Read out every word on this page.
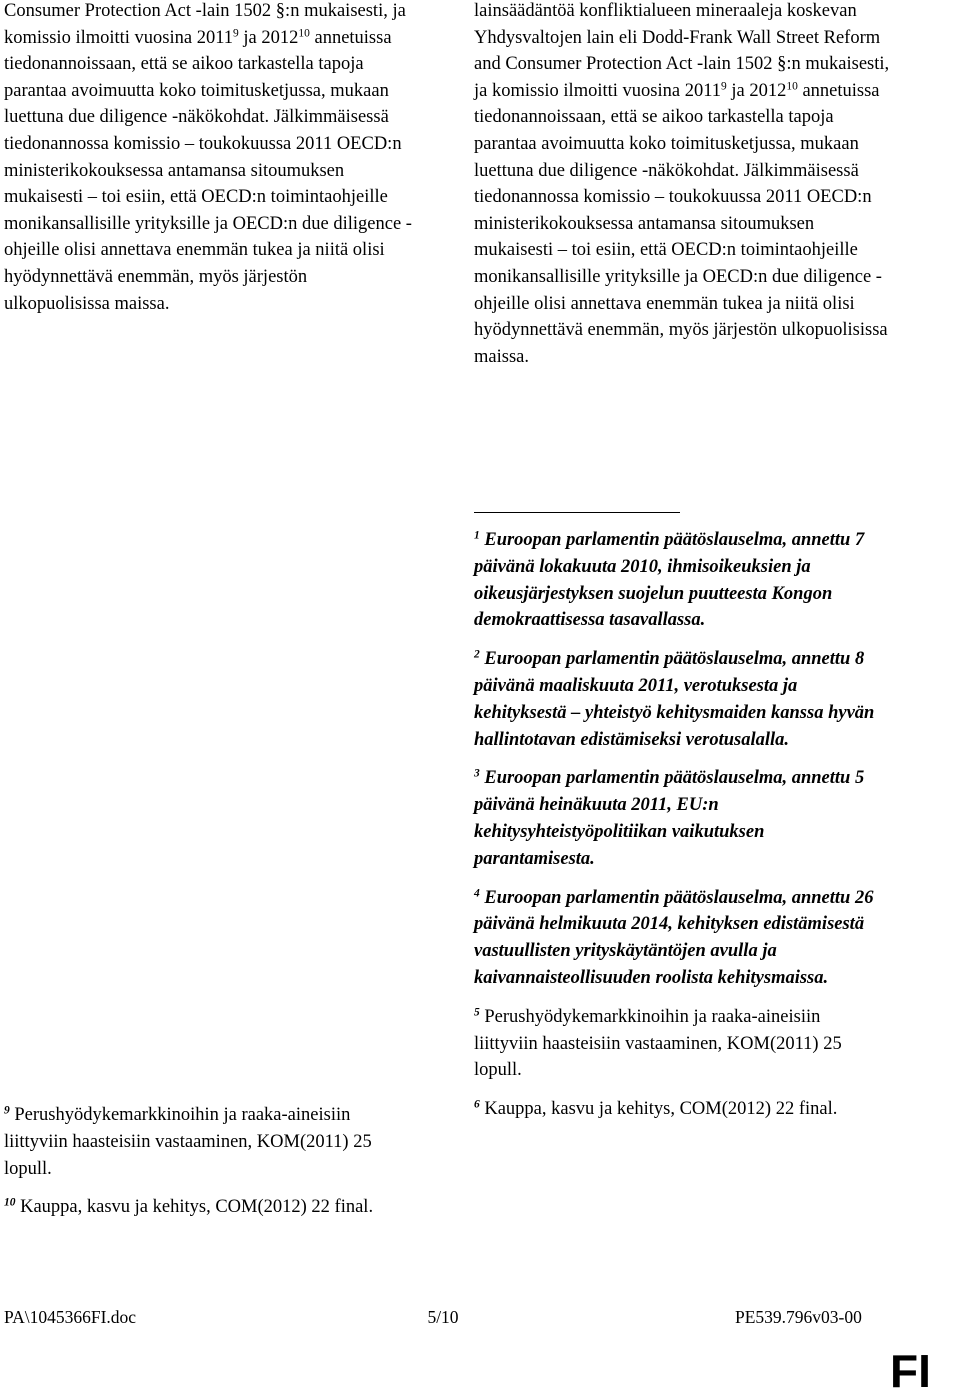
Consumer Protection Act -lain 1502 §:n mukaisesti, ja komissio ilmoitti vuosina 2011$^9$ ja 2012$^{10}$ annetuissa tiedonannoissaan, että se aikoo tarkastella tapoja parantaa avoimuutta koko toimitusketjussa, mukaan luettuna due diligence -näkökohdat. Jälkimmäisessä tiedonannossa komissio – toukokuussa 2011 OECD:n ministerikokouksessa antamansa sitoumuksen mukaisesti – toi esiin, että OECD:n toimintaohjeille monikansallisille yrityksille ja OECD:n due diligence -ohjeille olisi annettava enemmän tukea ja niitä olisi hyödynnettävä enemmän, myös järjestön ulkopuolisissa maissa.
lainsäädäntöä konfliktialueen mineraaleja koskevan Yhdysvaltojen lain eli Dodd-Frank Wall Street Reform and Consumer Protection Act -lain 1502 §:n mukaisesti, ja komissio ilmoitti vuosina 2011$^9$ ja 2012$^{10}$ annetuissa tiedonannoissaan, että se aikoo tarkastella tapoja parantaa avoimuutta koko toimitusketjussa, mukaan luettuna due diligence -näkökohdat. Jälkimmäisessä tiedonannossa komissio – toukokuussa 2011 OECD:n ministerikokouksessa antamansa sitoumuksen mukaisesti – toi esiin, että OECD:n toimintaohjeille monikansallisille yrityksille ja OECD:n due diligence -ohjeille olisi annettava enemmän tukea ja niitä olisi hyödynnettävä enemmän, myös järjestön ulkopuolisissa maissa.

$^1$ Euroopan parlamentin päätöslauselma, annettu 7 päivänä lokakuuta 2010, ihmisoikeuksien ja oikeusjärjestyksen suojelun puutteesta Kongon demokraattisessa tasavallassa.

$^2$ Euroopan parlamentin päätöslauselma, annettu 8 päivänä maaliskuuta 2011, verotuksesta ja kehityksestä – yhteistyö kehitysmaiden kanssa hyvän hallintotavan edistämiseksi verotusalalla.

$^3$ Euroopan parlamentin päätöslauselma, annettu 5 päivänä heinäkuuta 2011, EU:n kehitysyhteistyöpolitiikan vaikutuksen parantamisesta.

$^4$ Euroopan parlamentin päätöslauselma, annettu 26 päivänä helmikuuta 2014, kehityksen edistämisestä vastuullisten yrityskäytäntöjen avulla ja kaivannaisteollisuuden roolista kehitysmaissa.

$^5$ Perushyödykemarkkinoihin ja raaka-aineisiin liittyviin haasteisiin vastaaminen, KOM(2011) 25 lopull.

$^6$ Kauppa, kasvu ja kehitys, COM(2012) 22 final.

$^9$ Perushyödykemarkkinoihin ja raaka-aineisiin liittyviin haasteisiin vastaaminen, KOM(2011) 25 lopull.

$^{10}$ Kauppa, kasvu ja kehitys, COM(2012) 22 final.

PA\1045366FI.doc	5/10	PE539.796v03-00
FI
